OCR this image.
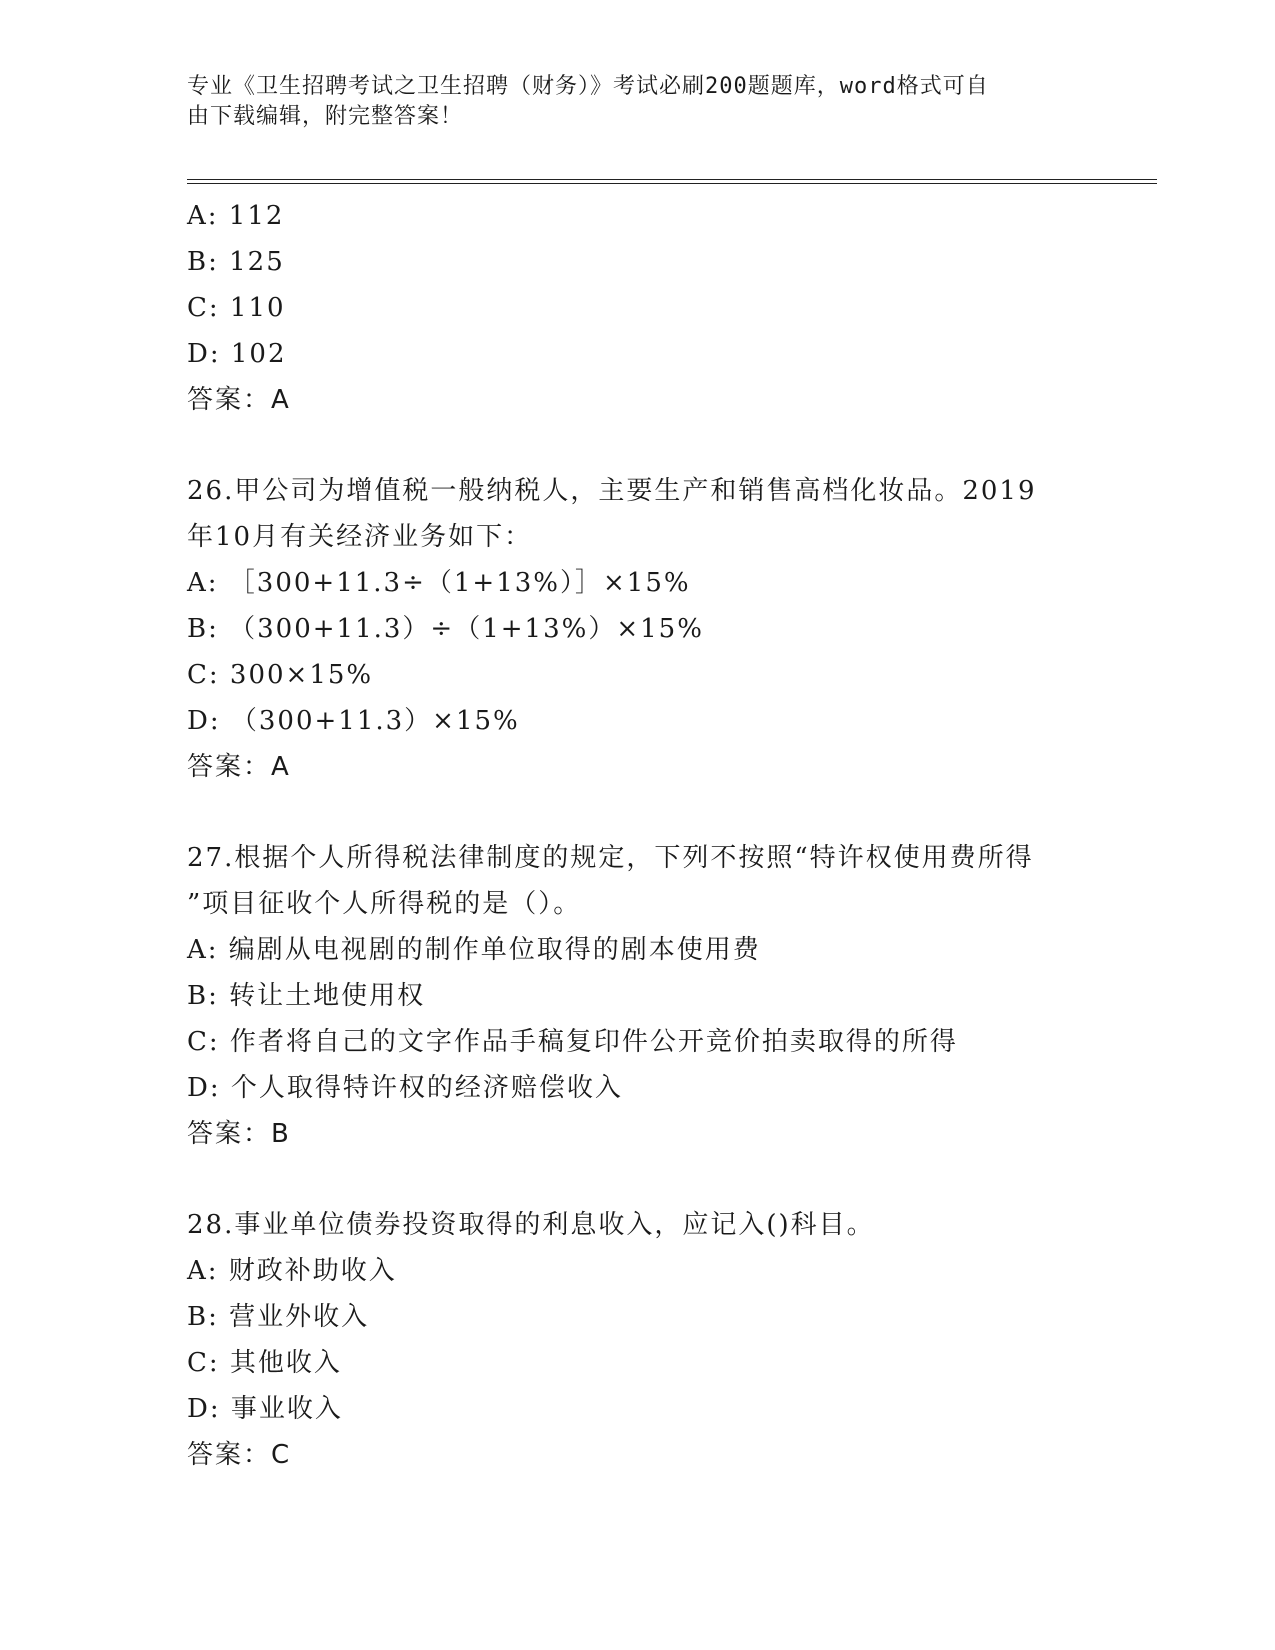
专业《卫生招聘考试之卫生招聘（财务）》考试必刷200题题库，word格式可自
由下载编辑，附完整答案！
A: 112
B: 125
C: 110
D: 102
答案：A
26.甲公司为增值税一般纳税人，主要生产和销售高档化妆品。2019
年10月有关经济业务如下：
A: ［300+11.3÷（1+13%）］×15%
B: （300+11.3）÷（1+13%）×15%
C: 300×15%
D: （300+11.3）×15%
答案：A
27.根据个人所得税法律制度的规定，下列不按照“特许权使用费所得
”项目征收个人所得税的是（）。
A: 编剧从电视剧的制作单位取得的剧本使用费
B: 转让土地使用权
C: 作者将自己的文字作品手稿复印件公开竞价拍卖取得的所得
D: 个人取得特许权的经济赔偿收入
答案：B
28.事业单位债券投资取得的利息收入，应记入()科目。
A: 财政补助收入
B: 营业外收入
C: 其他收入
D: 事业收入
答案：C
